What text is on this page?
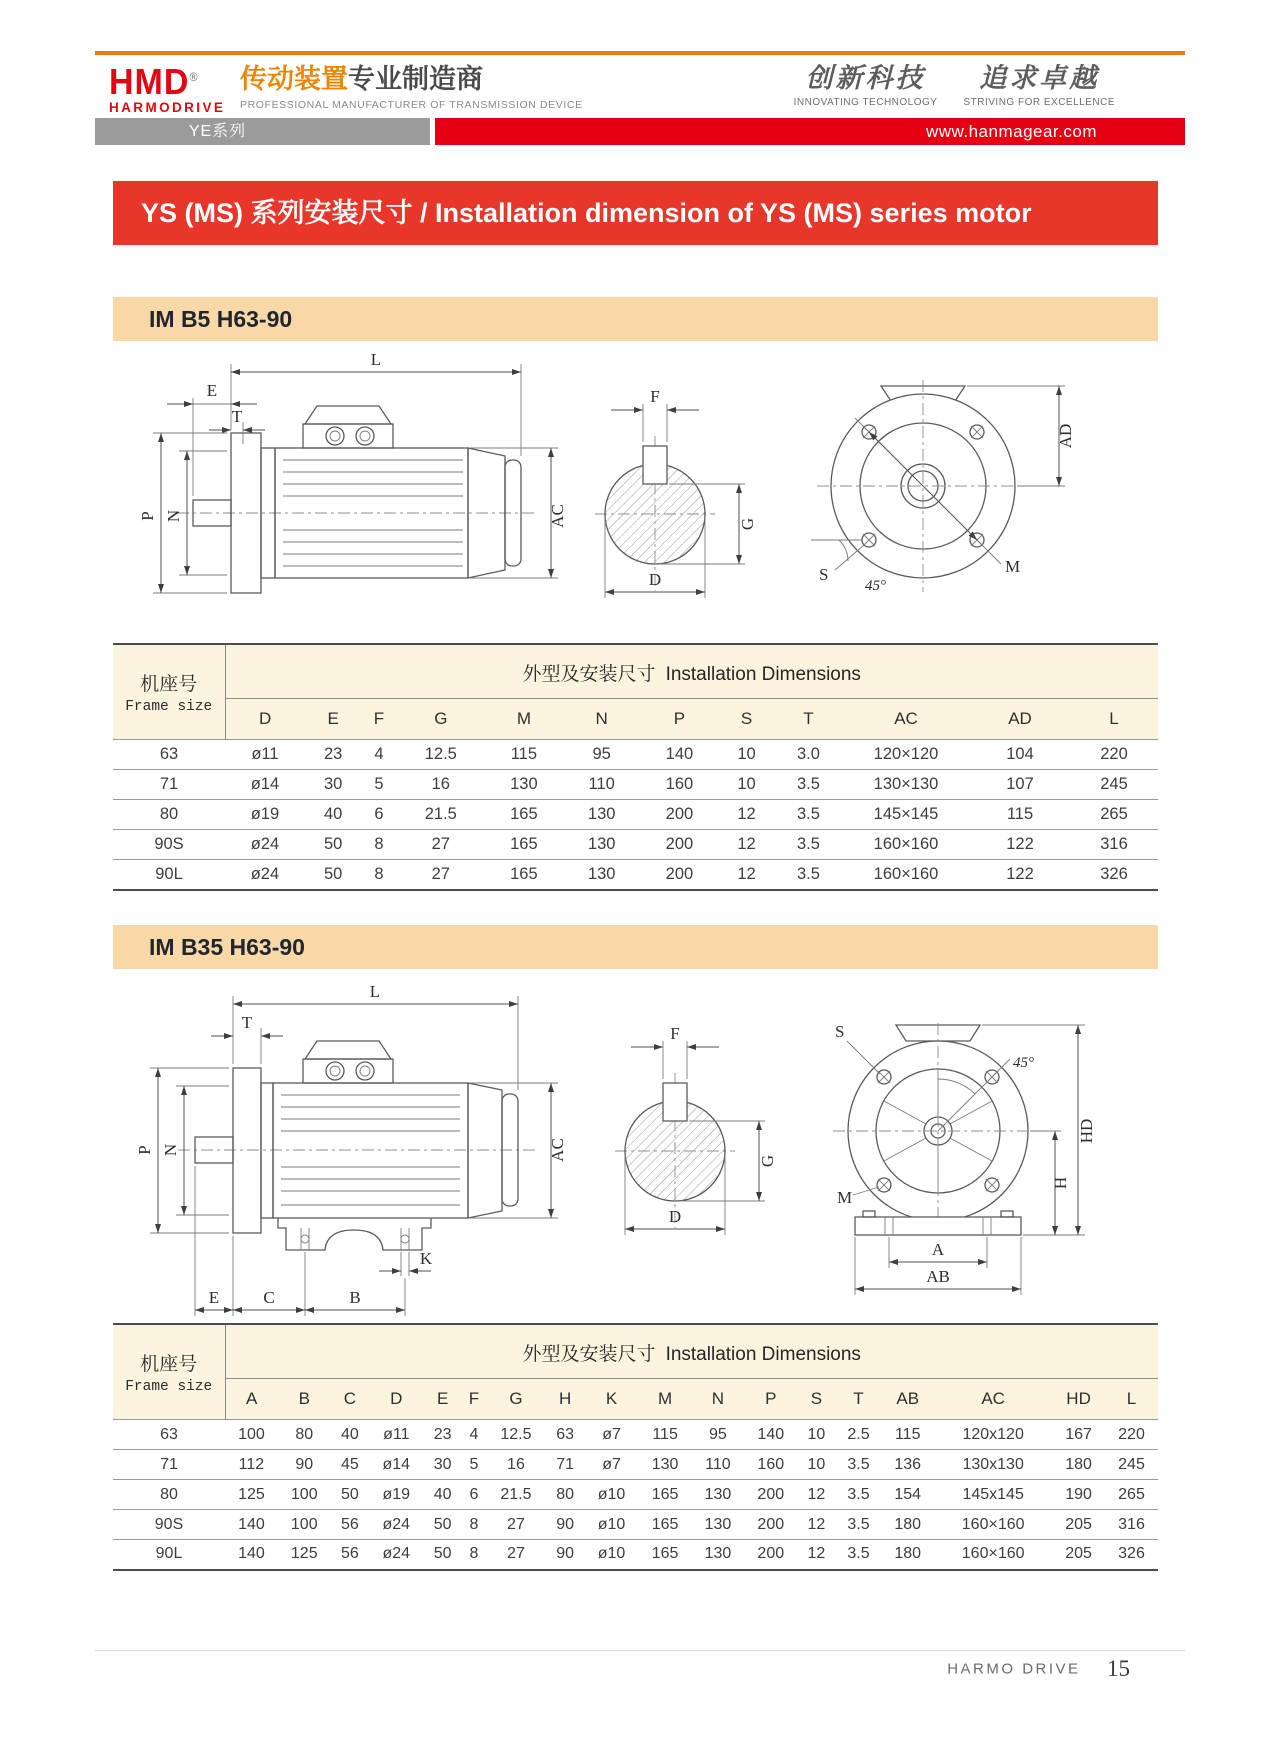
HMD®
HARMODRIVE
传动装置专业制造商
PROFESSIONAL MANUFACTURER OF TRANSMISSION DEVICE
创新科技
INNOVATING TECHNOLOGY
追求卓越
STRIVING FOR EXCELLENCE
YE系列	www.hanmagear.com
YS (MS) 系列安装尺寸 / Installation dimension of YS (MS) series motor
IM B5 H63-90
L
E
T
P N	AC
F
G
D
M
S
45°
AD
机座号
Frame size	外型及安装尺寸 Installation Dimensions											
	D	E	F	G	M	N	P	S	T	AC	AD	L
63	ø11	23	4	12.5	115	95	140	10	3.0	120×120	104	220
71	ø14	30	5	16	130	110	160	10	3.5	130×130	107	245
80	ø19	40	6	21.5	165	130	200	12	3.5	145×145	115	265
90S	ø24	50	8	27	165	130	200	12	3.5	160×160	122	316
90L	ø24	50	8	27	165	130	200	12	3.5	160×160	122	326
IM B35 H63-90
L
T
P N	AC
K
E	C	B
F
G
D
S
45°
M
HD
H
A
AB
机座号
Frame size	外型及安装尺寸 Installation Dimensions																	
	A	B	C	D	E	F	G	H	K	M	N	P	S	T	AB	AC	HD	L
63	100	80	40	ø11	23	4	12.5	63	ø7	115	95	140	10	2.5	115	120x120	167	220
71	112	90	45	ø14	30	5	16	71	ø7	130	110	160	10	3.5	136	130x130	180	245
80	125	100	50	ø19	40	6	21.5	80	ø10	165	130	200	12	3.5	154	145x145	190	265
90S	140	100	56	ø24	50	8	27	90	ø10	165	130	200	12	3.5	180	160×160	205	316
90L	140	125	56	ø24	50	8	27	90	ø10	165	130	200	12	3.5	180	160×160	205	326
HARMO DRIVE 15
